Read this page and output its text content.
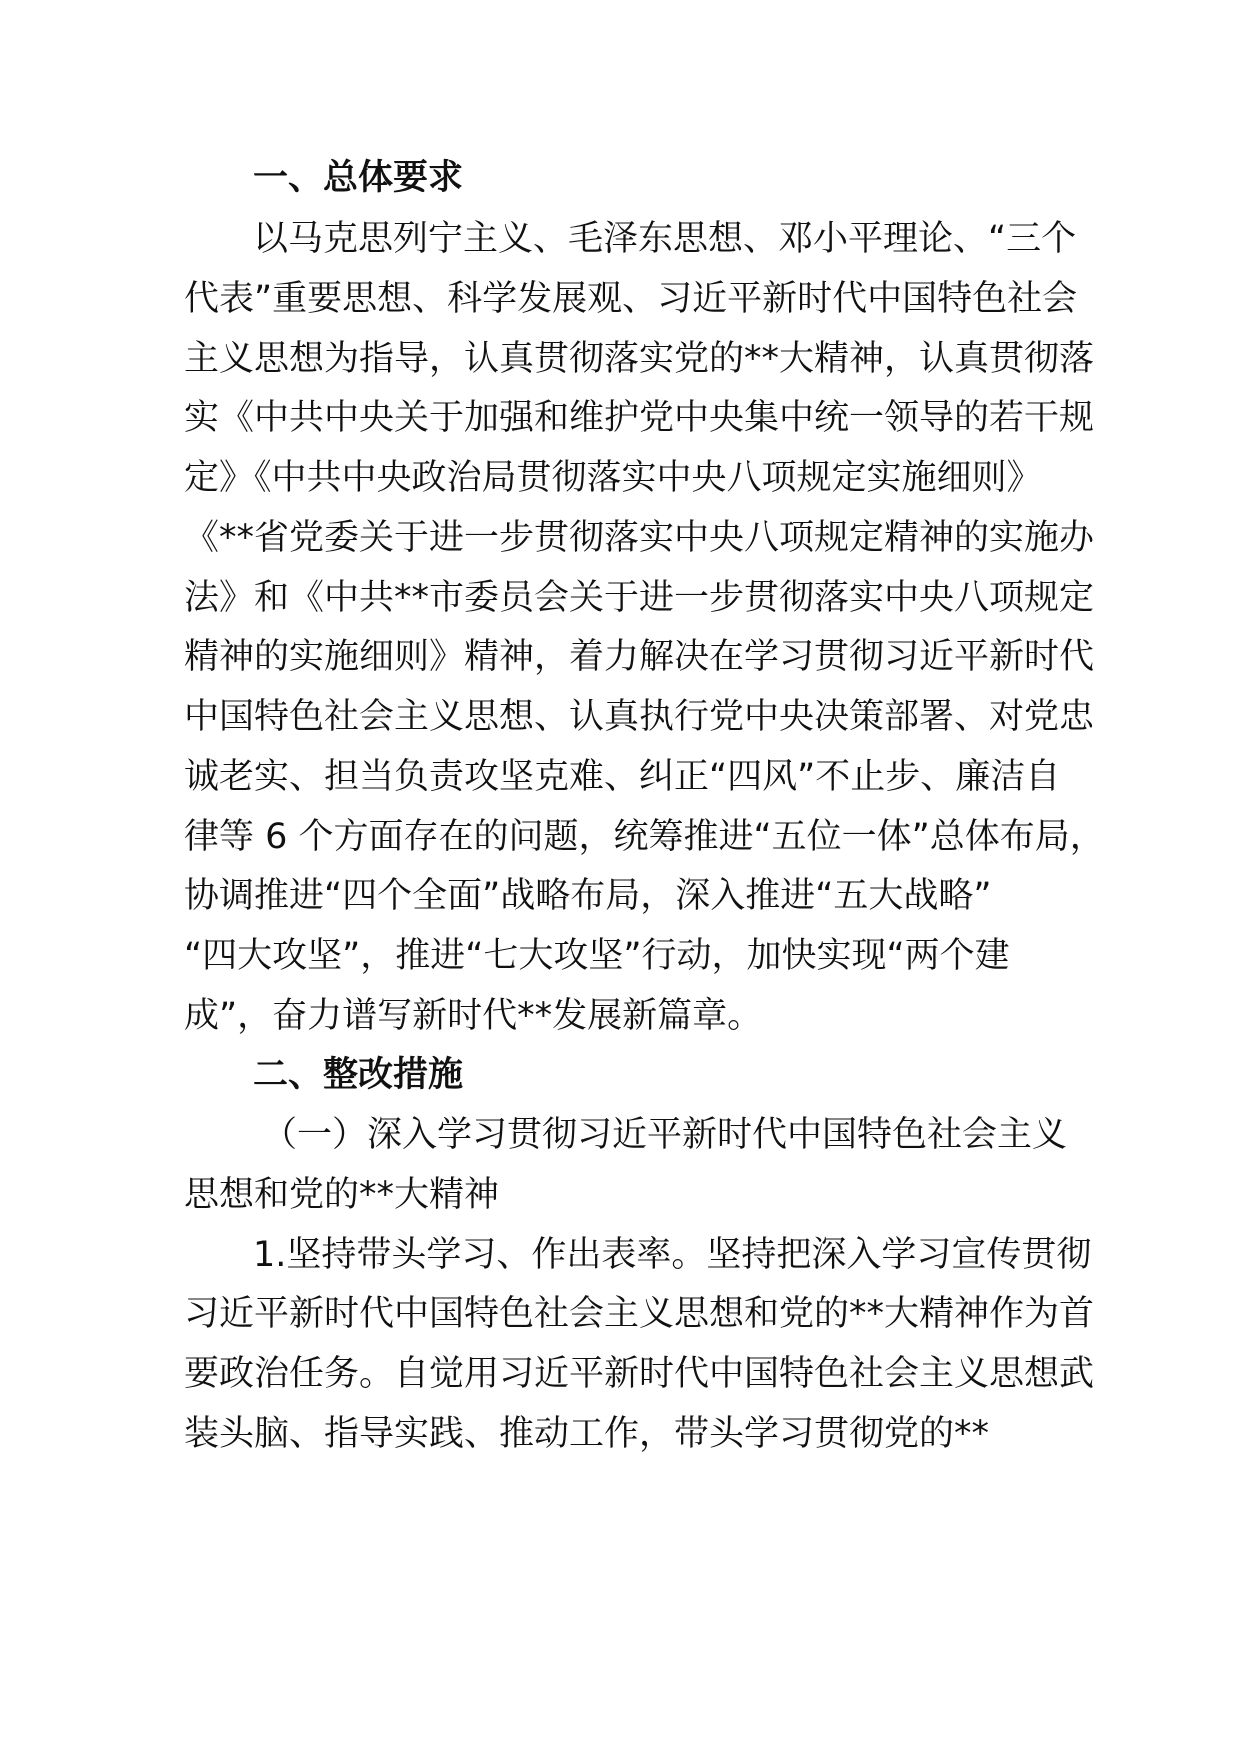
一、总体要求
以马克思列宁主义、毛泽东思想、邓小平理论、“三个
代表”重要思想、科学发展观、习近平新时代中国特色社会
主义思想为指导，认真贯彻落实党的**大精神，认真贯彻落
实《中共中央关于加强和维护党中央集中统一领导的若干规
定》《中共中央政治局贯彻落实中央八项规定实施细则》
《**省党委关于进一步贯彻落实中央八项规定精神的实施办
法》和《中共**市委员会关于进一步贯彻落实中央八项规定
精神的实施细则》精神，着力解决在学习贯彻习近平新时代
中国特色社会主义思想、认真执行党中央决策部署、对党忠
诚老实、担当负责攻坚克难、纠正“四风”不止步、廉洁自
律等 6 个方面存在的问题，统筹推进“五位一体”总体布局，
协调推进“四个全面”战略布局，深入推进“五大战略”
“四大攻坚”，推进“七大攻坚”行动，加快实现“两个建
成”，奋力谱写新时代**发展新篇章。
二、整改措施
（一）深入学习贯彻习近平新时代中国特色社会主义
思想和党的**大精神
1.坚持带头学习、作出表率。坚持把深入学习宣传贯彻
习近平新时代中国特色社会主义思想和党的**大精神作为首
要政治任务。自觉用习近平新时代中国特色社会主义思想武
装头脑、指导实践、推动工作，带头学习贯彻党的**
